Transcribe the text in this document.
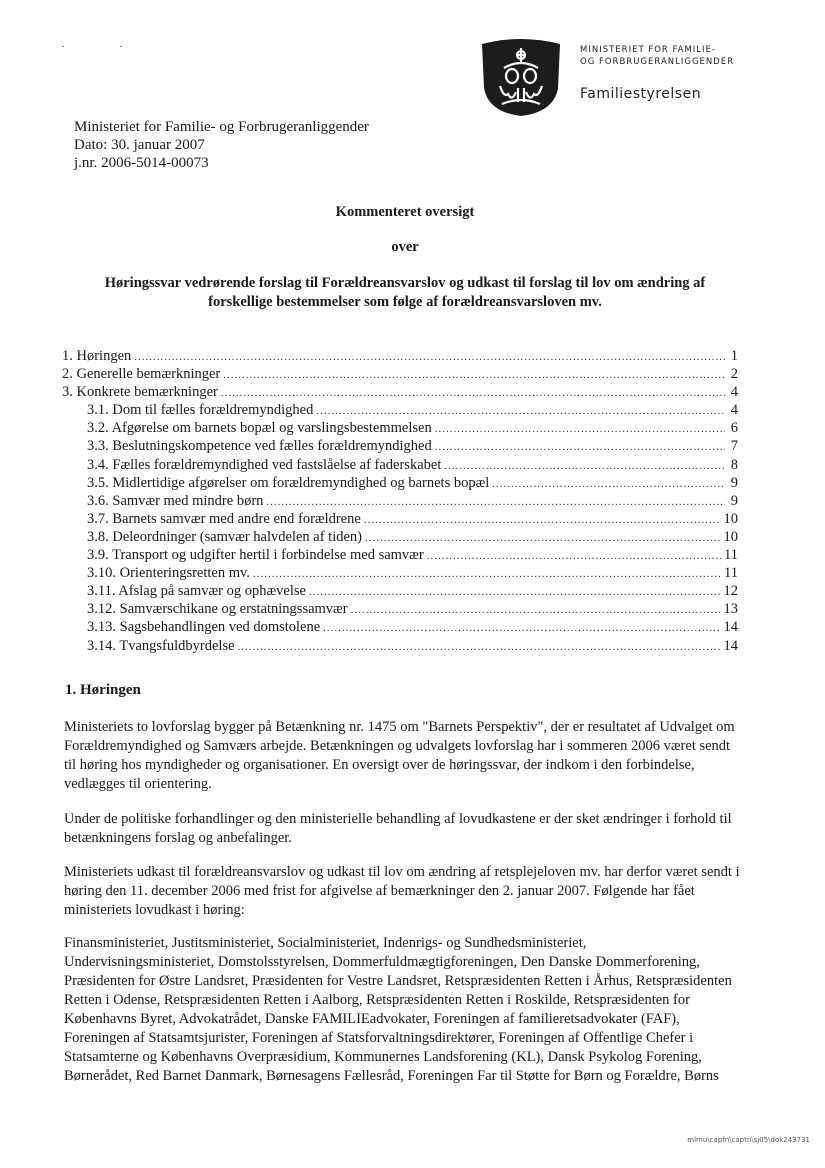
MINISTERIET FOR FAMILIE-
OG FORBRUGERANLIGGENDER
Familiestyrelsen
Ministeriet for Familie- og Forbrugeranliggender
Dato: 30. januar 2007
j.nr. 2006-5014-00073
Kommenteret oversigt
over
Høringssvar vedrørende forslag til Forældreansvarslov og udkast til forslag til lov om ændring af forskellige bestemmelser som følge af forældreansvarsloven mv.
1. Høringen .....	1
2. Generelle bemærkninger .....	2
3. Konkrete bemærkninger .....	4
3.1. Dom til fælles forældremyndighed .....	4
3.2. Afgørelse om barnets bopæl og varslingsbestemmelsen .....	6
3.3. Beslutningskompetence ved fælles forældremyndighed .....	7
3.4. Fælles forældremyndighed ved fastslåelse af faderskabet .....	8
3.5. Midlertidige afgørelser om forældremyndighed og barnets bopæl .....	9
3.6. Samvær med mindre børn .....	9
3.7. Barnets samvær med andre end forældrene .....	10
3.8. Deleordninger (samvær halvdelen af tiden) .....	10
3.9. Transport og udgifter hertil i forbindelse med samvær .....	11
3.10. Orienteringsretten mv. .....	11
3.11. Afslag på samvær og ophævelse .....	12
3.12. Samværschikane og erstatningssamvær .....	13
3.13. Sagsbehandlingen ved domstolene .....	14
3.14. Tvangsfuldbyrdelse .....	14
1. Høringen
Ministeriets to lovforslag bygger på Betænkning nr. 1475 om "Barnets Perspektiv", der er resultatet af Udvalget om Forældremyndighed og Samværs arbejde. Betænkningen og udvalgets lovforslag har i sommeren 2006 været sendt til høring hos myndigheder og organisationer. En oversigt over de høringssvar, der indkom i den forbindelse, vedlægges til orientering.
Under de politiske forhandlinger og den ministerielle behandling af lovudkastene er der sket ændringer i forhold til betænkningens forslag og anbefalinger.
Ministeriets udkast til forældreansvarslov og udkast til lov om ændring af retsplejeloven mv. har derfor været sendt i høring den 11. december 2006 med frist for afgivelse af bemærkninger den 2. januar 2007. Følgende har fået ministeriets lovudkast i høring:
Finansministeriet, Justitsministeriet, Socialministeriet, Indenrigs- og Sundhedsministeriet, Undervisningsministeriet, Domstolsstyrelsen, Dommerfuldmægtigforeningen, Den Danske Dommerforening, Præsidenten for Østre Landsret, Præsidenten for Vestre Landsret, Retspræsidenten Retten i Århus, Retspræsidenten Retten i Odense, Retspræsidenten Retten i Aalborg, Retspræsidenten Retten i Roskilde, Retspræsidenten for Københavns Byret, Advokatrådet, Danske FAMILIEadvokater, Foreningen af familieretsadvokater (FAF), Foreningen af Statsamtsjurister, Foreningen af Statsforvaltningsdirektører, Foreningen af Offentlige Chefer i Statsamterne og Københavns Overpræsidium, Kommunernes Landsforening (KL), Dansk Psykolog Forening, Børnerådet, Red Barnet Danmark, Børnesagens Fællesråd, Foreningen Far til Støtte for Børn og Forældre, Børns
mlmu\capfn\captn\sj05\dok243731
